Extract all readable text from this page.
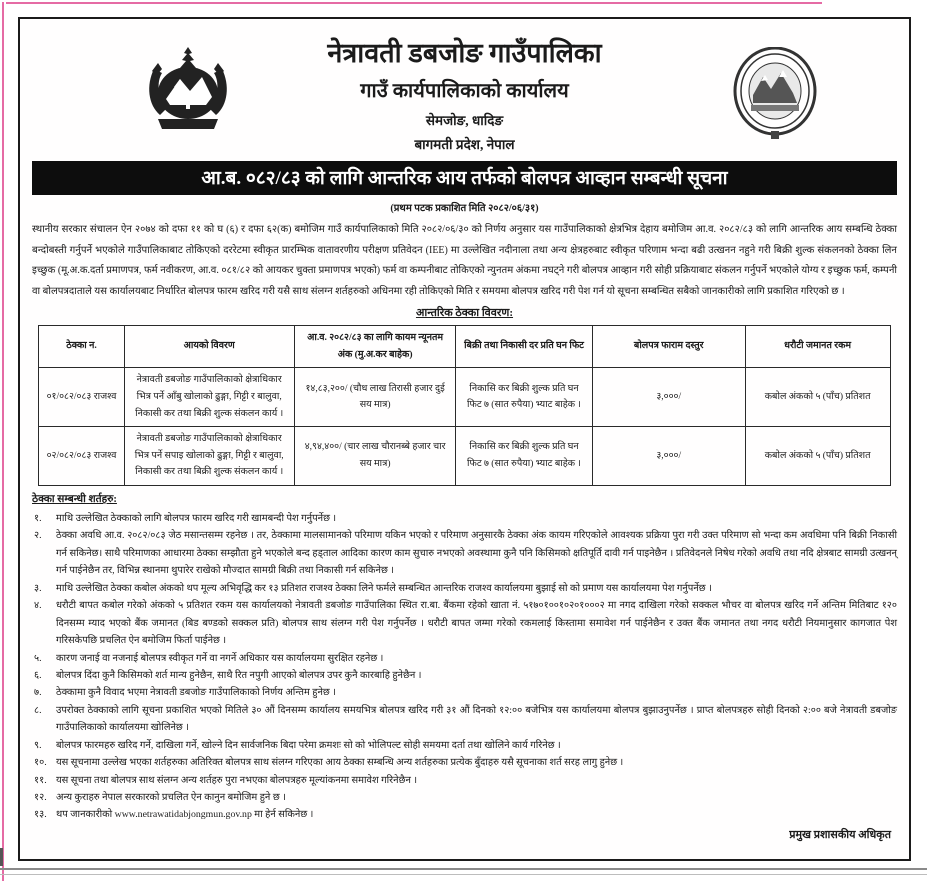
नेत्रावती डबजोङ गाउँपालिका
गाउँ कार्यपालिकाको कार्यालय
सेमजोङ, धादिङ
बागमती प्रदेश, नेपाल
आ.ब. ०८२/८३ को लागि आन्तरिक आय तर्फको बोलपत्र आव्हान सम्बन्धी सूचना
(प्रथम पटक प्रकाशित मिति २०८२/०६/३१)
स्थानीय सरकार संचालन ऐन २०७४ को दफा ११ को घ (६) र दफा ६२(क) बमोजिम गाउँ कार्यपालिकाको मिति २०८२/०६/३० को निर्णय अनुसार यस गाउँपालिकाको क्षेत्रभित्र देहाय बमोजिम आ.व. २०८२/८३ को लागि आन्तरिक आय सम्बन्धि ठेक्का बन्दोबस्ती गर्नुपर्ने भएकोले गाउँपालिकाबाट तोकिएको दररेटमा स्वीकृत प्रारम्भिक वातावरणीय परीक्षण प्रतिवेदन (IEE) मा उल्लेखित नदीनाला तथा अन्य क्षेत्रहरुबाट स्वीकृत परिणाम भन्दा बढी उत्खनन नहुने गरी बिक्री शुल्क संकलनको ठेक्का लिन इच्छुक (मू.अ.क.दर्ता प्रमाणपत्र, फर्म नवीकरण, आ.व. ०८१/८२ को आयकर चुक्ता प्रमाणपत्र भएको) फर्म वा कम्पनीबाट तोकिएको न्युनतम अंकमा नघट्ने गरी बोलपत्र आव्हान गरी सोही प्रक्रियाबाट संकलन गर्नुपर्ने भएकोले योग्य र इच्छुक फर्म, कम्पनी वा बोलपत्रदाताले यस कार्यालयबाट निर्धारित बोलपत्र फारम खरिद गरी यसै साथ संलग्न शर्तहरुको अधिनमा रही तोकिएको मिति र समयमा बोलपत्र खरिद गरी पेश गर्न यो सूचना सम्बन्धित सबैको जानकारीको लागि प्रकाशित गरिएको छ ।
आन्तरिक ठेक्का विवरण:
ठेक्का न.	आयको विवरण	आ.व. २०८२/८३ का लागि कायम न्यूनतम अंक (मु.अ.कर बाहेक)	बिक्री तथा निकासी दर प्रति घन फिट	बोलपत्र फाराम दस्तुर	धरौटी जमानत रकम
०१/०८२/०८३ राजश्व	नेत्रावती डबजोङ गाउँपालिकाको क्षेत्राधिकार भित्र पर्ने आँबु खोलाको ढुङ्गा, गिट्टी र बालुवा, निकासी कर तथा बिक्री शुल्क संकलन कार्य ।	१४,८३,२००/ (चौध लाख तिरासी हजार दुई सय मात्र)	निकासि कर बिक्री शुल्क प्रति घन फिट ७ (सात रुपैया) भ्याट बाहेक ।	३,०००/	कबोल अंकको ५ (पाँच) प्रतिशत
०२/०८२/०८३ राजश्व	नेत्रावती डबजोङ गाउँपालिकाको क्षेत्राधिकार भित्र पर्ने सपाइ खोलाको ढुङ्गा, गिट्टी र बालुवा, निकासी कर तथा बिक्री शुल्क संकलन कार्य ।	४,९४,४००/ (चार लाख चौरानब्बे हजार चार सय मात्र)	निकासि कर बिक्री शुल्क प्रति घन फिट ७ (सात रुपैया) भ्याट बाहेक ।	३,०००/	कबोल अंकको ५ (पाँच) प्रतिशत
ठेक्का सम्बन्धी शर्तहरु:
१.	माथि उल्लेखित ठेक्काको लागि बोलपत्र फारम खरिद गरी खामबन्दी पेश गर्नुपर्नेछ ।
२.	ठेक्का अवधि आ.व. २०८२/०८३ जेठ मसान्तसम्म रहनेछ । तर, ठेक्कामा मालसामानको परिमाण यकिन भएको र परिमाण अनुसारकै ठेक्का अंक कायम गरिएकोले आवश्यक प्रक्रिया पुरा गरी उक्त परिमाण सो भन्दा कम अवधिमा पनि बिक्री निकासी गर्न सकिनेछ। साथै परिमाणका आधारमा ठेक्का सम्झौता हुने भएकोले बन्द हड्ताल आदिका कारण काम सुचारु नभएको अवस्थामा कुनै पनि किसिमको क्षतिपूर्ति दावी गर्न पाइनेछैन । प्रतिवेदनले निषेध गरेको अवधि तथा नदि क्षेत्रबाट सामग्री उत्खनन् गर्न पाईनेछैन तर, विभिन्न स्थानमा थुपारेर राखेको मौज्दात सामग्री बिक्री तथा निकासी गर्न सकिनेछ ।
३.	माथि उल्लेखित ठेक्का कबोल अंकको थप मूल्य अभिवृद्धि कर १३ प्रतिशत राजश्व ठेक्का लिने फर्मले सम्बन्धित आन्तरिक राजश्व कार्यालयमा बुझाई सो को प्रमाण यस कार्यालयमा पेश गर्नुपर्नेछ ।
४.	धरौटी बापत कबोल गरेको अंकको ५ प्रतिशत रकम यस कार्यालयको नेत्रावती डबजोङ गाउँपालिका स्थित रा.बा. बैंकमा रहेको खाता नं. ५१७०१००१०२०१०००२ मा नगद दाखिला गरेको सक्कल भौचर वा बोलपत्र खरिद गर्ने अन्तिम मितिबाट १२० दिनसम्म म्याद भएको बैंक जमानत (बिड बण्डको सक्कल प्रति) बोलपत्र साथ संलग्न गरी पेश गर्नुपर्नेछ । धरौटी बापत जम्मा गरेको रकमलाई किस्तामा समावेश गर्न पाईनेछैन र उक्त बैंक जमानत तथा नगद धरौटी नियमानुसार कागजात पेश गरिसकेपछि प्रचलित ऐन बमोजिम फिर्ता पाईनेछ ।
५.	कारण जनाई वा नजनाई बोलपत्र स्वीकृत गर्ने वा नगर्ने अधिकार यस कार्यालयमा सुरक्षित रहनेछ ।
६.	बोलपत्र दिंदा कुनै किसिमको शर्त मान्य हुनेछैन, साथै रित नपुगी आएको बोलपत्र उपर कुनै कारबाहि हुनेछैन ।
७.	ठेक्कामा कुनै विवाद भएमा नेत्रावती डबजोङ गाउँपालिकाको निर्णय अन्तिम हुनेछ ।
८.	उपरोक्त ठेक्काको लागि सूचना प्रकाशित भएको मितिले ३० औं दिनसम्म कार्यालय समयभित्र बोलपत्र खरिद गरी ३१ औं दिनको १२:०० बजेभित्र यस कार्यालयमा बोलपत्र बुझाउनुपर्नेछ । प्राप्त बोलपत्रहरु सोही दिनको २:०० बजे नेत्रावती डबजोङ गाउँपालिकाको कार्यालयमा खोलिनेछ ।
९.	बोलपत्र फारमहरु खरिद गर्ने, दाखिला गर्ने, खोल्ने दिन सार्वजनिक बिदा परेमा क्रमशः सो को भोलिपल्ट सोही समयमा दर्ता तथा खोलिने कार्य गरिनेछ ।
१०. यस सूचनामा उल्लेख भएका शर्तहरुका अतिरिक्त बोलपत्र साथ संलग्न गरिएका आय ठेक्का सम्बन्धि अन्य शर्तहरुका प्रत्येक बुँदाहरु यसै सूचनाका शर्त सरह लागु हुनेछ ।
११. यस सूचना तथा बोलपत्र साथ संलग्न अन्य शर्तहरु पुरा नभएका बोलपत्रहरु मूल्यांकनमा समावेश गरिनेछैन ।
१२. अन्य कुराहरु नेपाल सरकारको प्रचलित ऐन कानुन बमोजिम हुने छ ।
१३. थप जानकारीको www.netrawatidabjongmun.gov.np मा हेर्न सकिनेछ ।
प्रमुख प्रशासकीय अधिकृत
